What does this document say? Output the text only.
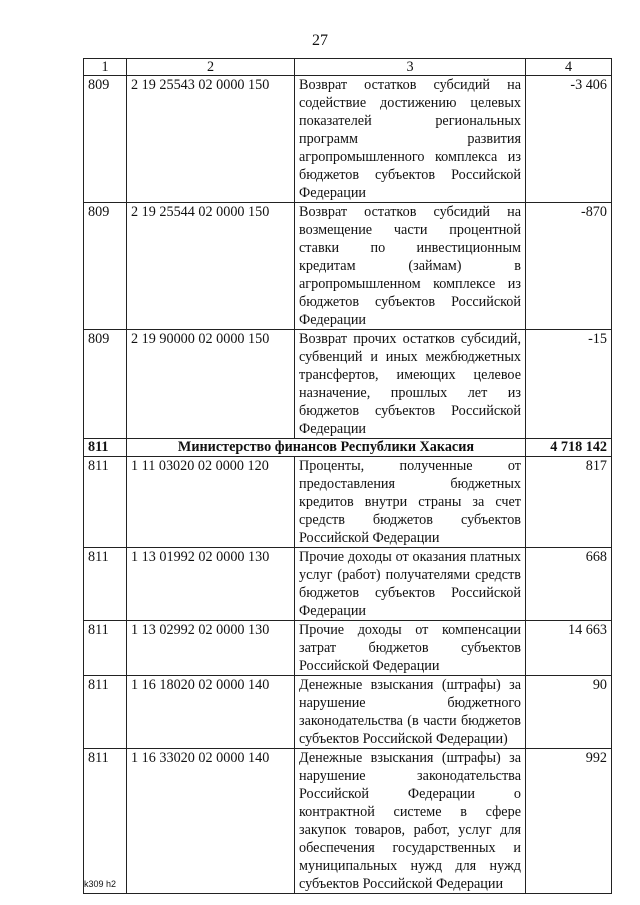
27
1	2	3	4
809	2 19 25543 02 0000 150	Возврат остатков субсидий на содействие достижению целевых показателей региональных программ развития агропромышленного комплекса из бюджетов субъектов Российской Федерации	-3 406
809	2 19 25544 02 0000 150	Возврат остатков субсидий на возмещение части процентной ставки по инвестиционным кредитам (займам) в агропромышленном комплексе из бюджетов субъектов Российской Федерации	-870
809	2 19 90000 02 0000 150	Возврат прочих остатков субсидий, субвенций и иных межбюджетных трансфертов, имеющих целевое назначение, прошлых лет из бюджетов субъектов Российской Федерации	-15
811	Министерство финансов Республики Хакасия		4 718 142
811	1 11 03020 02 0000 120	Проценты, полученные от предоставления бюджетных кредитов внутри страны за счет средств бюджетов субъектов Российской Федерации	817
811	1 13 01992 02 0000 130	Прочие доходы от оказания платных услуг (работ) получателями средств бюджетов субъектов Российской Федерации	668
811	1 13 02992 02 0000 130	Прочие доходы от компенсации затрат бюджетов субъектов Российской Федерации	14 663
811	1 16 18020 02 0000 140	Денежные взыскания (штрафы) за нарушение бюджетного законодательства (в части бюджетов субъектов Российской Федерации)	90
811	1 16 33020 02 0000 140	Денежные взыскания (штрафы) за нарушение законодательства Российской Федерации о контрактной системе в сфере закупок товаров, работ, услуг для обеспечения государственных и муниципальных нужд для нужд субъектов Российской Федерации	992
k309 h2
